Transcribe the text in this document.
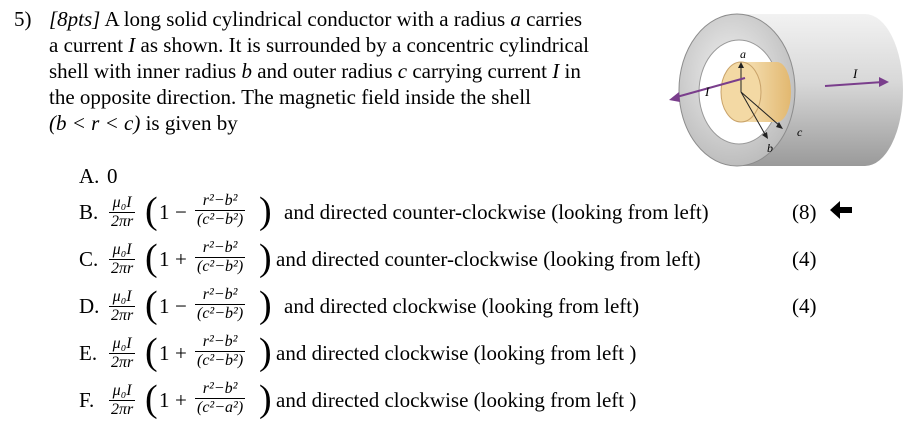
5) [8pts] A long solid cylindrical conductor with a radius a carries
a current I as shown. It is surrounded by a concentric cylindrical
shell with inner radius b and outer radius c carrying current I in
the opposite direction. The magnetic field inside the shell
(b < r < c) is given by
a
b
c
I
I
A. 0
B. $\frac{\text{μ₀I}}{2\pi r}$ ( $1 - \frac{\text{r²−b²}}{\text{(c²−b²)}}$ ) and directed counter-clockwise (looking from left)
C. $\frac{\text{μ₀I}}{2\pi r}$ ( $1 + \frac{\text{r²−b²}}{\text{(c²−b²)}}$ ) and directed counter-clockwise (looking from left)
D. $\frac{\text{μ₀I}}{2\pi r}$ ( $1 - \frac{\text{r²−b²}}{\text{(c²−b²)}}$ ) and directed clockwise (looking from left)
E. $\frac{\text{μ₀I}}{2\pi r}$ ( $1 + \frac{\text{r²−b²}}{\text{(c²−b²)}}$ ) and directed clockwise (looking from left )
F. $\frac{\text{μ₀I}}{2\pi r}$ ( $1 + \frac{\text{r²−b²}}{\text{(c²−a²)}}$ ) and directed clockwise (looking from left )
(8)
(4)
(4)
